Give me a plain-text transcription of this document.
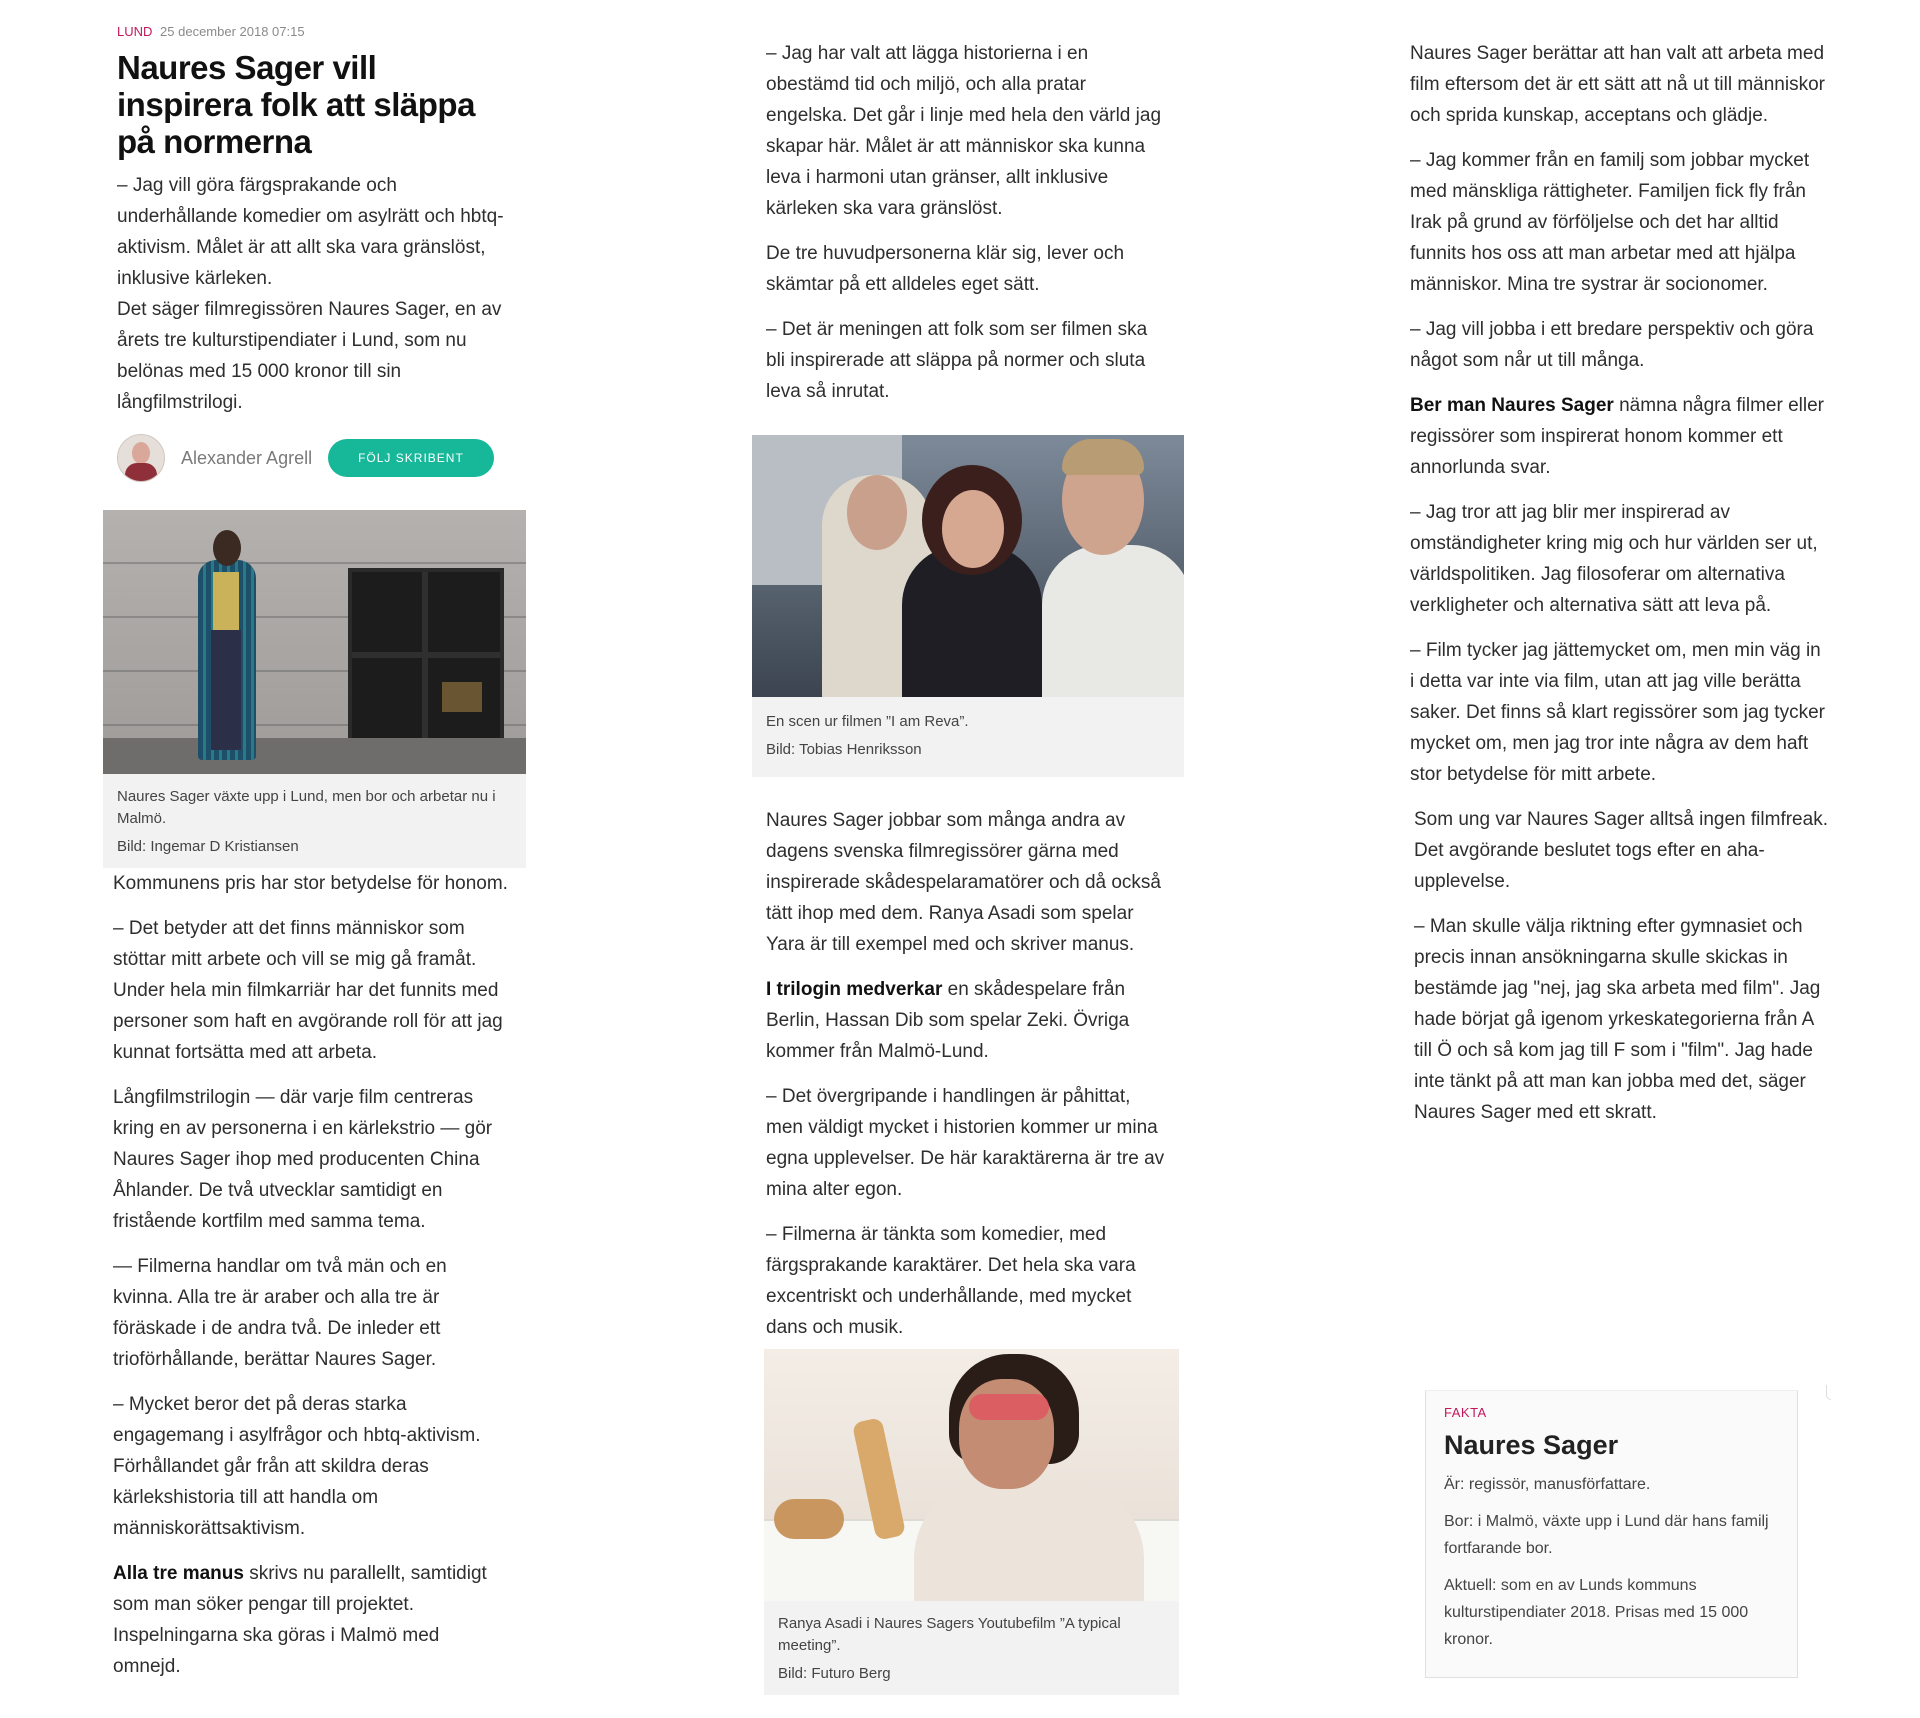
LUND 25 december 2018 07:15
Naures Sager vill inspirera folk att släppa på normerna

– Jag vill göra färgsprakande och underhållande komedier om asylrätt och hbtq-aktivism. Målet är att allt ska vara gränslöst, inklusive kärleken.

Det säger filmregissören Naures Sager, en av årets tre kulturstipendiater i Lund, som nu belönas med 15 000 kronor till sin långfilmstrilogi.

Alexander Agrell	FÖLJ SKRIBENT
Naures Sager växte upp i Lund, men bor och arbetar nu i Malmö.
Bild: Ingemar D Kristiansen

Kommunens pris har stor betydelse för honom.

– Det betyder att det finns människor som stöttar mitt arbete och vill se mig gå framåt. Under hela min filmkarriär har det funnits med personer som haft en avgörande roll för att jag kunnat fortsätta med att arbeta.

Långfilmstrilogin — där varje film centreras kring en av personerna i en kärlekstrio — gör Naures Sager ihop med producenten China Åhlander. De två utvecklar samtidigt en fristående kortfilm med samma tema.

— Filmerna handlar om två män och en kvinna. Alla tre är araber och alla tre är föräskade i de andra två. De inleder ett trioförhållande, berättar Naures Sager.

– Mycket beror det på deras starka engagemang i asylfrågor och hbtq-aktivism. Förhållandet går från att skildra deras kärlekshistoria till att handla om människorättsaktivism.

Alla tre manus skrivs nu parallellt, samtidigt som man söker pengar till projektet. Inspelningarna ska göras i Malmö med omnejd.

– Jag har valt att lägga historierna i en obestämd tid och miljö, och alla pratar engelska. Det går i linje med hela den värld jag skapar här. Målet är att människor ska kunna leva i harmoni utan gränser, allt inklusive kärleken ska vara gränslöst.

De tre huvudpersonerna klär sig, lever och skämtar på ett alldeles eget sätt.

– Det är meningen att folk som ser filmen ska bli inspirerade att släppa på normer och sluta leva så inrutat.

En scen ur filmen ”I am Reva”.
Bild: Tobias Henriksson

Naures Sager jobbar som många andra av dagens svenska filmregissörer gärna med inspirerade skådespelaramatörer och då också tätt ihop med dem. Ranya Asadi som spelar Yara är till exempel med och skriver manus.

I trilogin medverkar en skådespelare från Berlin, Hassan Dib som spelar Zeki. Övriga kommer från Malmö-Lund.

– Det övergripande i handlingen är påhittat, men väldigt mycket i historien kommer ur mina egna upplevelser. De här karaktärerna är tre av mina alter egon.

– Filmerna är tänkta som komedier, med färgsprakande karaktärer. Det hela ska vara excentriskt och underhållande, med mycket dans och musik.

Ranya Asadi i Naures Sagers Youtubefilm ”A typical meeting”.
Bild: Futuro Berg

Naures Sager berättar att han valt att arbeta med film eftersom det är ett sätt att nå ut till människor och sprida kunskap, acceptans och glädje.

– Jag kommer från en familj som jobbar mycket med mänskliga rättigheter. Familjen fick fly från Irak på grund av förföljelse och det har alltid funnits hos oss att man arbetar med att hjälpa människor. Mina tre systrar är socionomer.

– Jag vill jobba i ett bredare perspektiv och göra något som når ut till många.

Ber man Naures Sager nämna några filmer eller regissörer som inspirerat honom kommer ett annorlunda svar.

– Jag tror att jag blir mer inspirerad av omständigheter kring mig och hur världen ser ut, världspolitiken. Jag filosoferar om alternativa verkligheter och alternativa sätt att leva på.

– Film tycker jag jättemycket om, men min väg in i detta var inte via film, utan att jag ville berätta saker. Det finns så klart regissörer som jag tycker mycket om, men jag tror inte några av dem haft stor betydelse för mitt arbete.

Som ung var Naures Sager alltså ingen filmfreak. Det avgörande beslutet togs efter en aha-upplevelse.

– Man skulle välja riktning efter gymnasiet och precis innan ansökningarna skulle skickas in bestämde jag "nej, jag ska arbeta med film". Jag hade börjat gå igenom yrkeskategorierna från A till Ö och så kom jag till F som i "film". Jag hade inte tänkt på att man kan jobba med det, säger Naures Sager med ett skratt.

FAKTA
Naures Sager
Är: regissör, manusförfattare.
Bor: i Malmö, växte upp i Lund där hans familj fortfarande bor.
Aktuell: som en av Lunds kommuns kulturstipendiater 2018. Prisas med 15 000 kronor.
